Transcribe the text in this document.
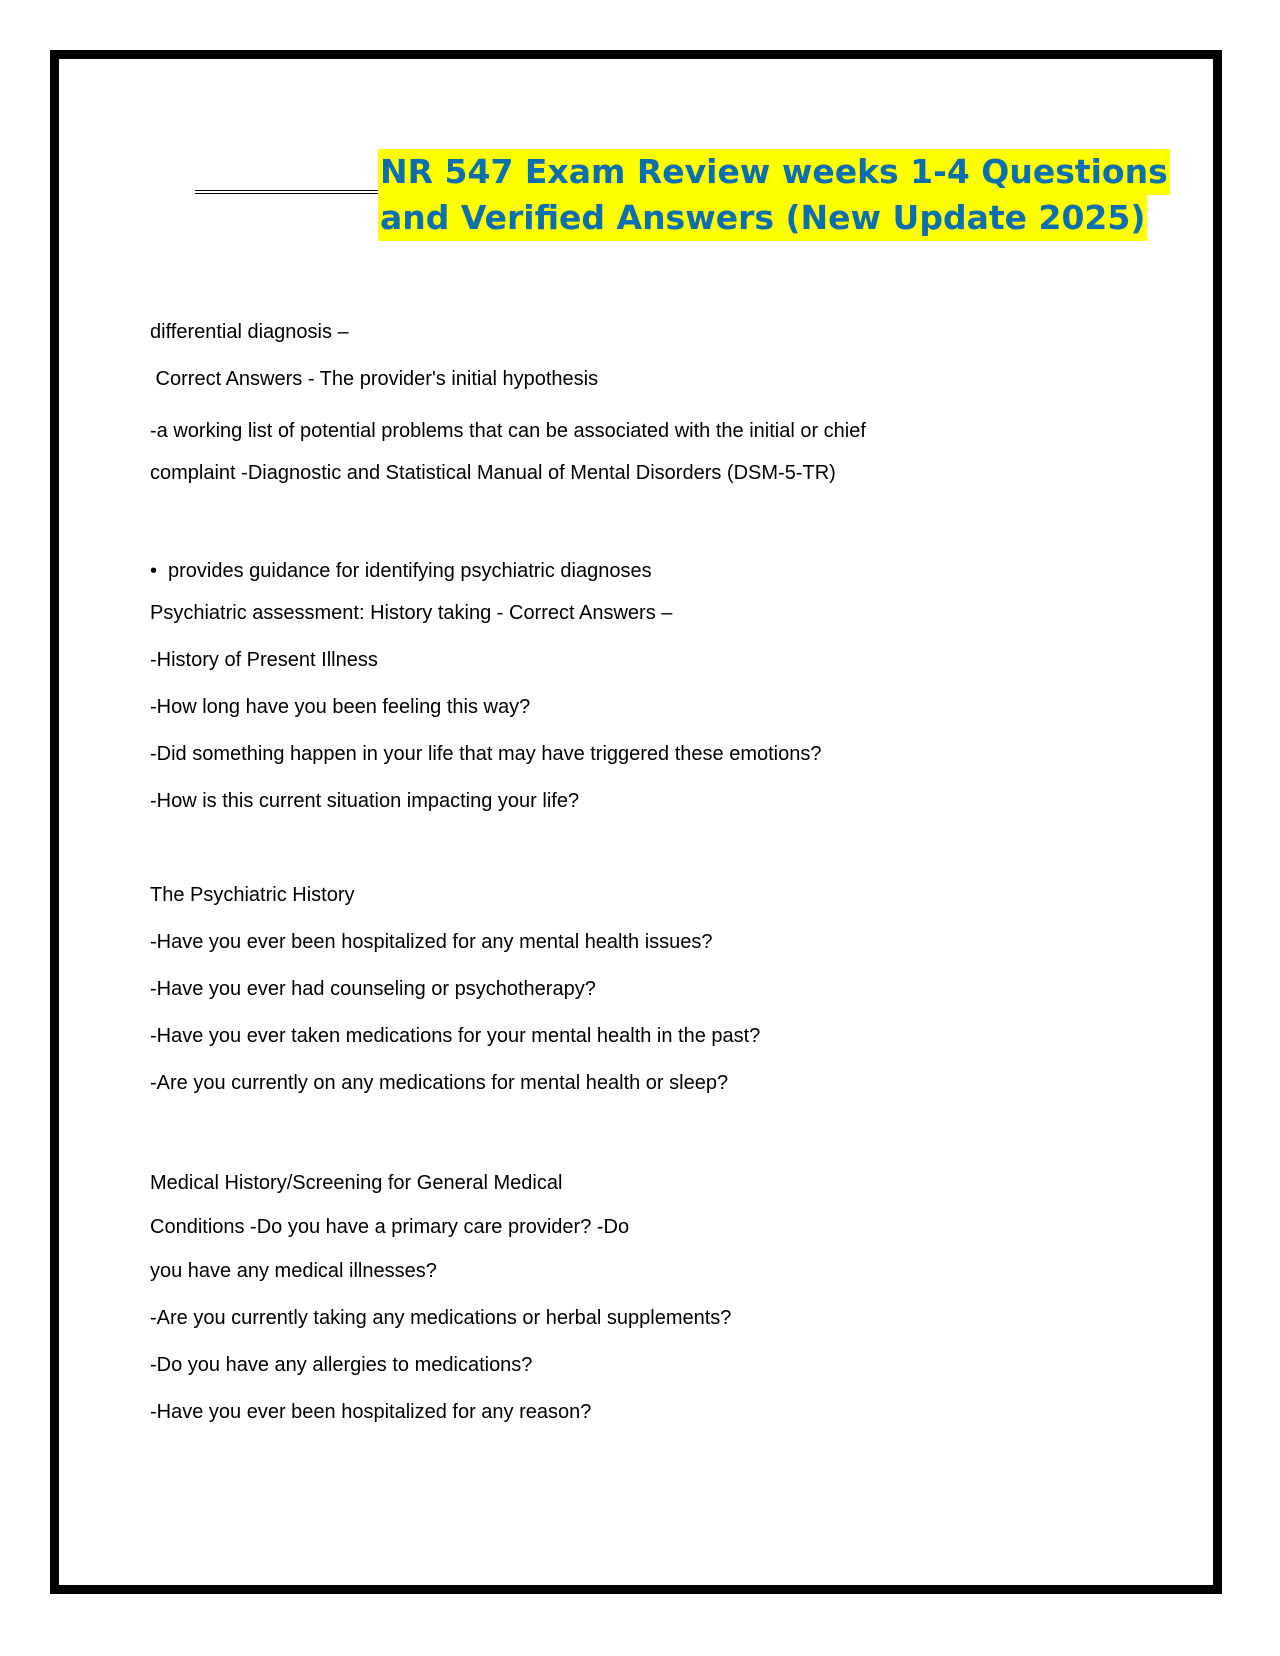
NR 547 Exam Review weeks 1-4 Questions
and Verified Answers (New Update 2025)
differential diagnosis –
Correct Answers - The provider's initial hypothesis
-a working list of potential problems that can be associated with the initial or chief
complaint -Diagnostic and Statistical Manual of Mental Disorders (DSM-5-TR)
• provides guidance for identifying psychiatric diagnoses
Psychiatric assessment: History taking - Correct Answers –
-History of Present Illness
-How long have you been feeling this way?
-Did something happen in your life that may have triggered these emotions?
-How is this current situation impacting your life?
The Psychiatric History
-Have you ever been hospitalized for any mental health issues?
-Have you ever had counseling or psychotherapy?
-Have you ever taken medications for your mental health in the past?
-Are you currently on any medications for mental health or sleep?
Medical History/Screening for General Medical
Conditions -Do you have a primary care provider? -Do
you have any medical illnesses?
-Are you currently taking any medications or herbal supplements?
-Do you have any allergies to medications?
-Have you ever been hospitalized for any reason?
